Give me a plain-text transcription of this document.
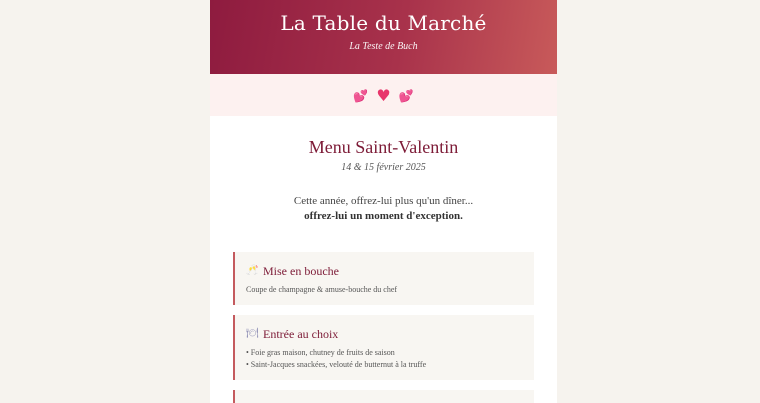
La Table du Marché
La Teste de Buch
💕 ♥ 💕
Menu Saint-Valentin
14 & 15 février 2025
Cette année, offrez-lui plus qu'un dîner...
offrez-lui un moment d'exception.
🥂 Mise en bouche
Coupe de champagne & amuse-bouche du chef
🍽 Entrée au choix
• Foie gras maison, chutney de fruits de saison
• Saint-Jacques snackées, velouté de butternut à la truffe
